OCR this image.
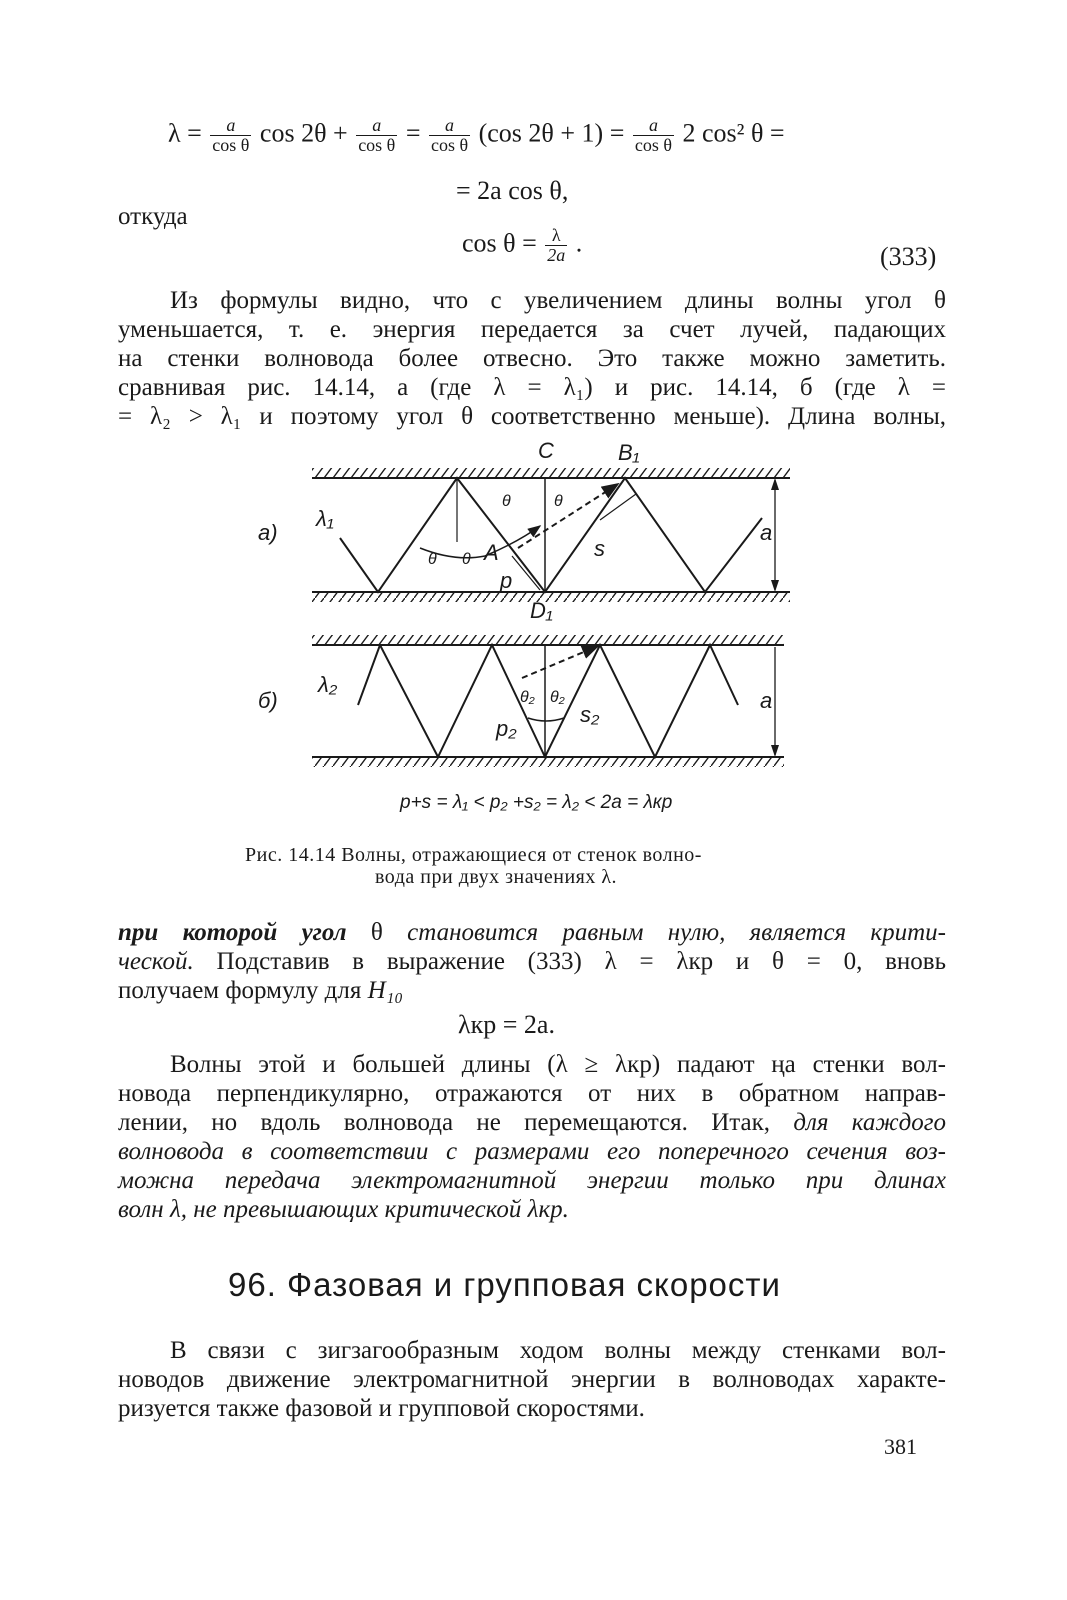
$\lambda = \frac{a}{\text{cos θ}}$ $\cos 2\theta + \frac{a}{\text{cos θ}} = \frac{a}{\text{cos θ}} (\cos$ $2\theta + 1) = \frac{a}{\text{cos θ}} 2$ cos² θ =
= 2a cos θ,
откуда
$\cos \theta = \frac{\lambda}{2a}$ .	(333)
Из формулы видно, что с увеличением длины волны угол θ
уменьшается, т. е. энергия передается за счет лучей, падающих
на стенки волновода более отвесно. Это также можно заметить.
сравнивая рис. 14.14, а (где λ = λ₁) и рис. 14.14, б (где λ =
= λ₂ > λ₁ и поэтому угол θ соответственно меньше). Длина волны,
а)
б)
λ₁
λ₂
C	B₁
D₁
A
θ	θ
θ θ	s
p
θ₂ θ₂
s₂
p₂
a
a
p+s = λ₁ < p₂ +s₂ = λ₂ < 2a = λкр
Рис. 14.14 Волны, отражающиеся от стенок волно-
вода при двух значениях λ.
при которой угол θ становится равным нулю, является крити-
ческой. Подставив в выражение (333) λ = λкр и θ = 0, вновь
получаем формулу для H₁₀
λкр = 2a.
Волны этой и большей длины (λ ≥ λкр) падают ңа стенки вол-
новода перпендикулярно, отражаются от них в обратном направ-
лении, но вдоль волновода не перемещаются. Итак, для каждого
волновода в соответствии с размерами его поперечного сечения воз-
можна передача электромагнитной энергии только при длинах
волн λ, не превышающих критической λкр.
96. Фазовая и групповая скорости
В связи с зигзагообразным ходом волны между стенками вол-
новодов движение электромагнитной энергии в волноводах характе-
ризуется также фазовой и групповой скоростями.
381
